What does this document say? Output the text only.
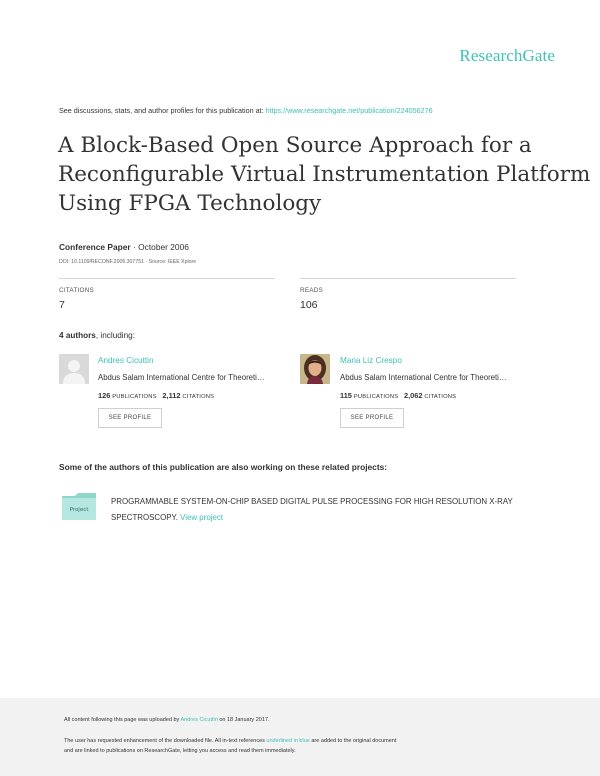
ResearchGate
See discussions, stats, and author profiles for this publication at: https://www.researchgate.net/publication/224056276
A Block-Based Open Source Approach for a
Reconfigurable Virtual Instrumentation Platform
Using FPGA Technology
Conference Paper · October 2006
DOI: 10.1109/RECONF.2006.307751 · Source: IEEE Xplore
CITATIONS
7
READS
106
4 authors, including:
Andres Cicuttin
Abdus Salam International Centre for Theoreti…
126 PUBLICATIONS 2,112 CITATIONS
SEE PROFILE
Maria Liz Crespo
Abdus Salam International Centre for Theoreti…
115 PUBLICATIONS 2,062 CITATIONS
SEE PROFILE
Some of the authors of this publication are also working on these related projects:
Project
PROGRAMMABLE SYSTEM-ON-CHIP BASED DIGITAL PULSE PROCESSING FOR HIGH RESOLUTION X-RAY
SPECTROSCOPY. View project
All content following this page was uploaded by Andres Cicuttin on 18 January 2017.
The user has requested enhancement of the downloaded file. All in-text references underlined in blue are added to the original document
and are linked to publications on ResearchGate, letting you access and read them immediately.
